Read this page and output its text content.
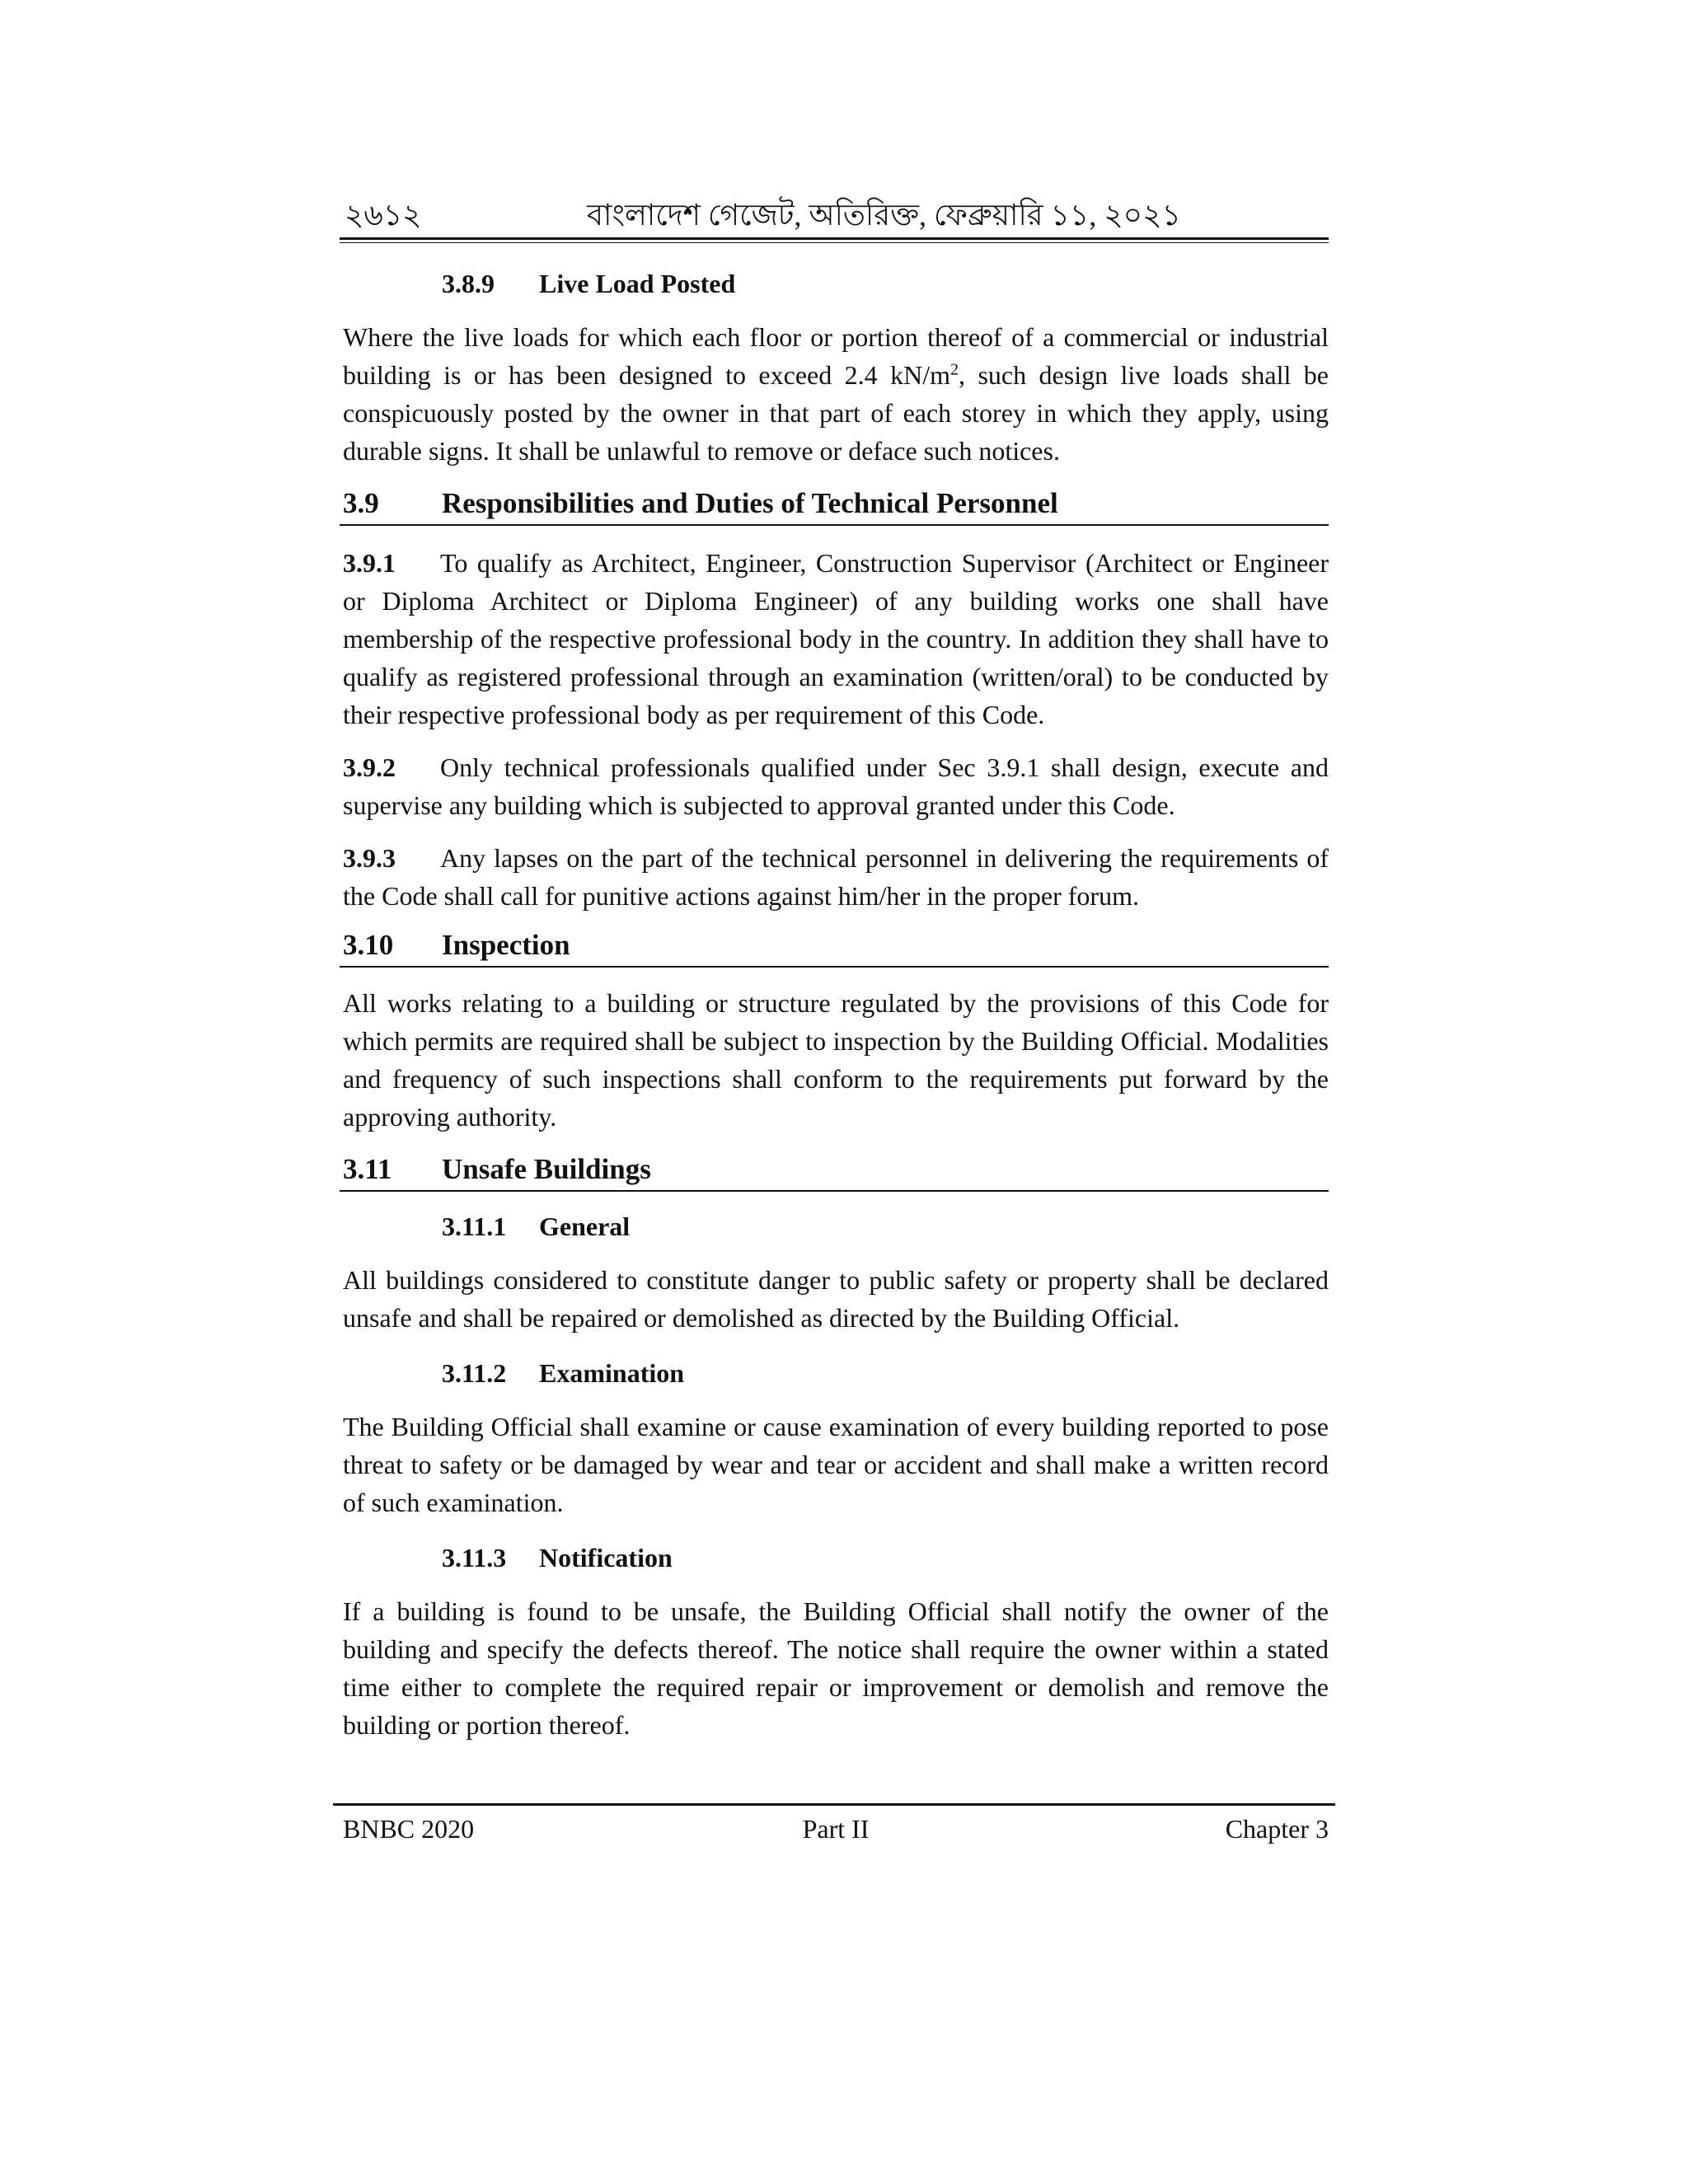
২৬১২	বাংলাদেশ গেজেট, অতিরিক্ত, ফেব্রুয়ারি ১১, ২০২১
3.8.9	Live Load Posted

Where the live loads for which each floor or portion thereof of a commercial or industrial building is or has been designed to exceed 2.4 $kN/m^2$, such design live loads shall be conspicuously posted by the owner in that part of each storey in which they apply, using durable signs. It shall be unlawful to remove or deface such notices.

3.9	Responsibilities and Duties of Technical Personnel

3.9.1 To qualify as Architect, Engineer, Construction Supervisor (Architect or Engineer or Diploma Architect or Diploma Engineer) of any building works one shall have membership of the respective professional body in the country. In addition they shall have to qualify as registered professional through an examination (written/oral) to be conducted by their respective professional body as per requirement of this Code.

3.9.2 Only technical professionals qualified under Sec 3.9.1 shall design, execute and supervise any building which is subjected to approval granted under this Code.

3.9.3 Any lapses on the part of the technical personnel in delivering the requirements of the Code shall call for punitive actions against him/her in the proper forum.

3.10	Inspection

All works relating to a building or structure regulated by the provisions of this Code for which permits are required shall be subject to inspection by the Building Official. Modalities and frequency of such inspections shall conform to the requirements put forward by the approving authority.

3.11	Unsafe Buildings
3.11.1	General

All buildings considered to constitute danger to public safety or property shall be declared unsafe and shall be repaired or demolished as directed by the Building Official.

3.11.2	Examination

The Building Official shall examine or cause examination of every building reported to pose threat to safety or be damaged by wear and tear or accident and shall make a written record of such examination.

3.11.3	Notification

If a building is found to be unsafe, the Building Official shall notify the owner of the building and specify the defects thereof. The notice shall require the owner within a stated time either to complete the required repair or improvement or demolish and remove the building or portion thereof.

BNBC 2020	Part II	Chapter 3
